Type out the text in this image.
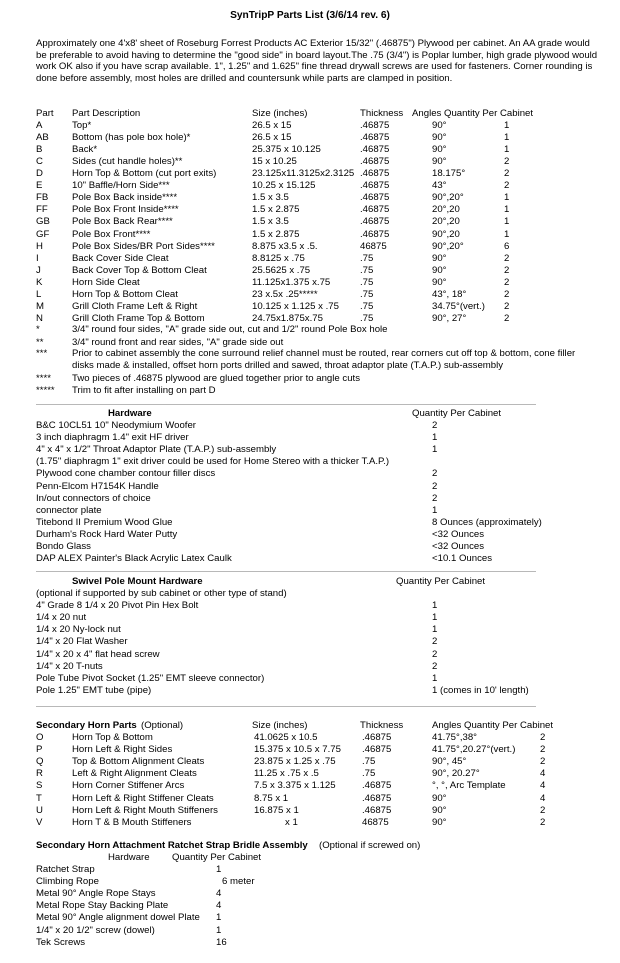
SynTripP Parts List (3/6/14 rev. 6)
Approximately one 4'x8' sheet of Roseburg Forrest Products AC Exterior 15/32" (.46875") Plywood per cabinet. An AA grade would be preferable to avoid having to determine the "good side" in board layout.The .75 (3/4") is Poplar lumber, high grade plywood would work OK also if you have scrap available. 1", 1.25" and 1.625" fine thread drywall screws are used for fasteners. Corner rounding is done before assembly, most holes are drilled and countersunk while parts are clamped in position.
Part Part Description	Size (inches)	Thickness Angles Quantity Per Cabinet
A	Top*	26.5 x 15	.46875	90°	1
AB Bottom (has pole box hole)*	26.5 x 15	.46875	90°	1
B	Back*	25.375 x 10.125	.46875	90°	1
C	Sides (cut handle holes)**	15 x 10.25	.46875	90°	2
D	Horn Top & Bottom (cut port exits)	23.125x11.3125x2.3125 .46875	18.175°	2
E	10" Baffle/Horn Side***	10.25 x 15.125	.46875	43°	2
FB Pole Box Back inside****	1.5 x 3.5	.46875	90°,20°	1
FF	Pole Box Front Inside****	1.5 x 2.875	.46875	20°,20	1
GB Pole Box Back Rear****	1.5 x 3.5	.46875	20°,20	1
GF Pole Box Front****	1.5 x 2.875	.46875	90°,20	1
H	Pole Box Sides/BR Port Sides****	8.875 x3.5 x .5.	46875	90°,20°	6
I	Back Cover Side Cleat	8.8125 x .75	.75	90°	2
J	Back Cover Top & Bottom Cleat	25.5625 x .75	.75	90°	2
K	Horn Side Cleat	11.125x1.375 x.75	.75	90°	2
L	Horn Top & Bottom Cleat	23 x.5x .25*****	.75	43°, 18°	2
M	Grill Cloth Frame Left & Right	10.125 x 1.125 x .75 .75	34.75°(vert.) 2
N	Grill Cloth Frame Top & Bottom	24.75x1.875x.75	.75	90°, 27°	2
*	3/4" round four sides, "A" grade side out, cut and 1/2" round Pole Box hole
**	3/4" round front and rear sides, "A" grade side out
***	Prior to cabinet assembly the cone surround relief channel must be routed, rear corners cut off top & bottom, cone filler disks made & installed, offset horn ports drilled and sawed, throat adaptor plate (T.A.P.) sub-assembly
**** Two pieces of .46875 plywood are glued together prior to angle cuts
***** Trim to fit after installing on part D
Hardware	Quantity Per Cabinet
B&C 10CL51 10" Neodymium Woofer	2
3 inch diaphragm 1.4" exit HF driver	1
4" x 4" x 1/2" Throat Adaptor Plate (T.A.P.) sub-assembly	1
(1.75" diaphragm 1" exit driver could be used for Home Stereo with a thicker T.A.P.)
Plywood cone chamber contour filler discs	2
Penn-Elcom H7154K Handle	2
In/out connectors of choice	2
connector plate	1
Titebond II Premium Wood Glue	8 Ounces (approximately)
Durham's Rock Hard Water Putty	<32 Ounces
Bondo Glass	<32 Ounces
DAP ALEX Painter's Black Acrylic Latex Caulk	<10.1 Ounces
Swivel Pole Mount Hardware	Quantity Per Cabinet
(optional if supported by sub cabinet or other type of stand)
4" Grade 8 1/4 x 20 Pivot Pin Hex Bolt	1
1/4 x 20 nut	1
1/4 x 20 Ny-lock nut	1
1/4" x 20 Flat Washer	2
1/4" x 20 x 4" flat head screw	2
1/4" x 20 T-nuts	2
Pole Tube Pivot Socket (1.25" EMT sleeve connector)	1
Pole 1.25" EMT tube (pipe)	1 (comes in 10' length)
Secondary Horn Parts	Size (inches)	Thickness	Angles Quantity Per Cabinet
(Optional)
O	Horn Top & Bottom	41.0625 x 10.5	.46875	41.75°,38°	2
P	Horn Left & Right Sides	15.375 x 10.5 x 7.75 .46875	41.75°,20.27°(vert.)	2
Q	Top & Bottom Alignment Cleats	23.875 x 1.25 x .75	.75	90°, 45°	2
R	Left & Right Alignment Cleats	11.25 x .75 x .5	.75	90°, 20.27°	4
S	Horn Corner Stiffener Arcs	7.5 x 3.375 x 1.125	.46875	°, °, Arc Template	4
T	Horn Left & Right Stiffener Cleats	8.75 x 1	.46875	90°	4
U	Horn Left & Right Mouth Stiffeners	16.875 x 1	.46875	90°	2
V	Horn T & B Mouth Stiffeners	x 1	46875	90°	2
Secondary Horn Attachment Ratchet Strap Bridle Assembly (Optional if screwed on)
Hardware Quantity Per Cabinet
Ratchet Strap	1
Climbing Rope	6 meter
Metal 90° Angle Rope Stays	4
Metal Rope Stay Backing Plate	4
Metal 90° Angle alignment dowel Plate 1
1/4" x 20 1/2" screw (dowel)	1
Tek Screws	16
